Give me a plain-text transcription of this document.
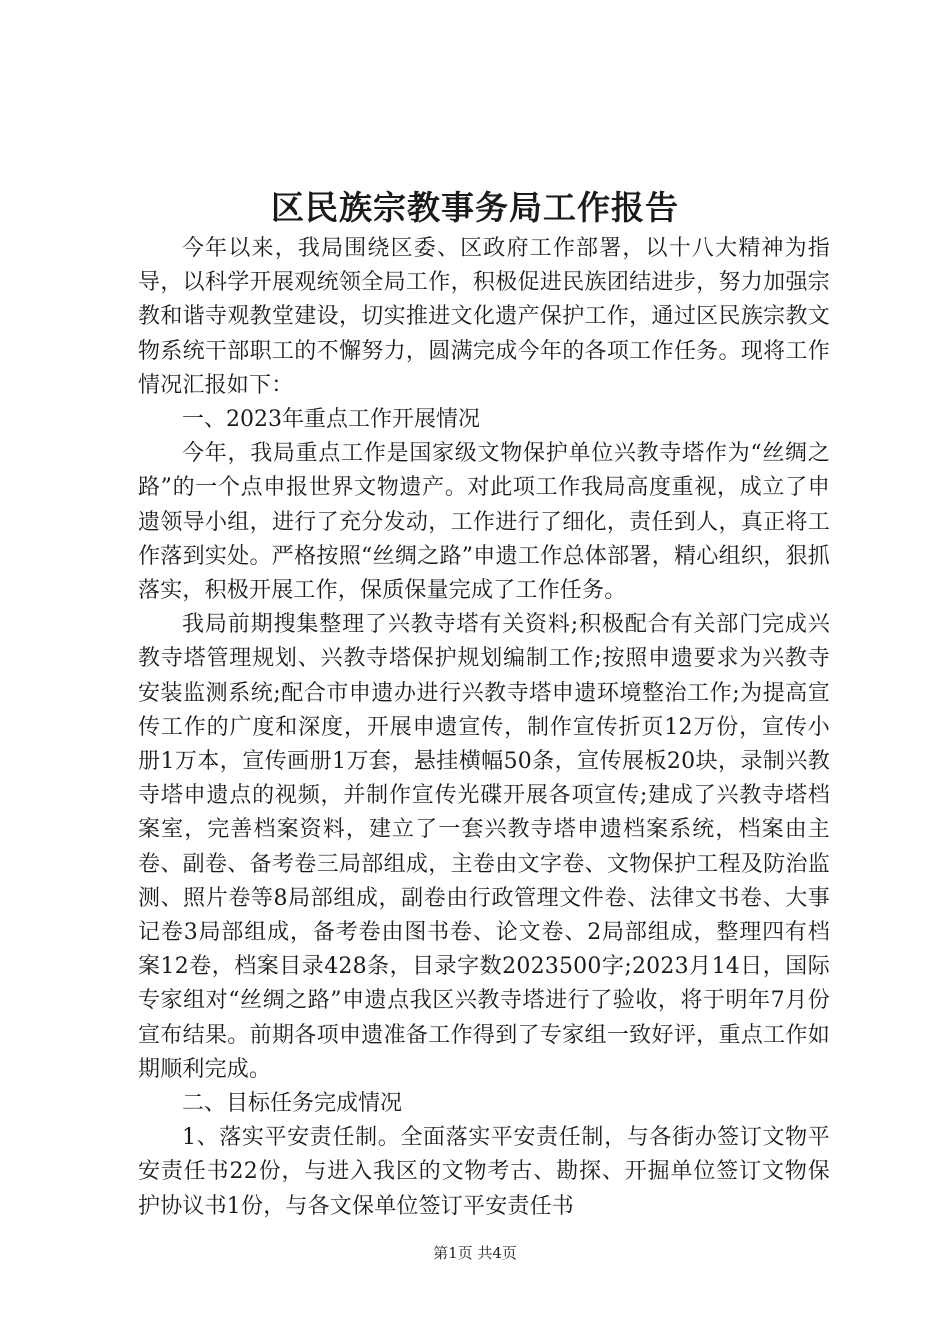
区民族宗教事务局工作报告

今年以来，我局围绕区委、区政府工作部署，以十八大精神为指导，以科学开展观统领全局工作，积极促进民族团结进步，努力加强宗教和谐寺观教堂建设，切实推进文化遗产保护工作，通过区民族宗教文物系统干部职工的不懈努力，圆满完成今年的各项工作任务。现将工作情况汇报如下：

一、2023年重点工作开展情况

今年，我局重点工作是国家级文物保护单位兴教寺塔作为“丝绸之路”的一个点申报世界文物遗产。对此项工作我局高度重视，成立了申遗领导小组，进行了充分发动，工作进行了细化，责任到人，真正将工作落到实处。严格按照“丝绸之路”申遗工作总体部署，精心组织，狠抓落实，积极开展工作，保质保量完成了工作任务。

我局前期搜集整理了兴教寺塔有关资料;积极配合有关部门完成兴教寺塔管理规划、兴教寺塔保护规划编制工作;按照申遗要求为兴教寺安装监测系统;配合市申遗办进行兴教寺塔申遗环境整治工作;为提高宣传工作的广度和深度，开展申遗宣传，制作宣传折页12万份，宣传小册1万本，宣传画册1万套，悬挂横幅50条，宣传展板20块，录制兴教寺塔申遗点的视频，并制作宣传光碟开展各项宣传;建成了兴教寺塔档案室，完善档案资料，建立了一套兴教寺塔申遗档案系统，档案由主卷、副卷、备考卷三局部组成，主卷由文字卷、文物保护工程及防治监测、照片卷等8局部组成，副卷由行政管理文件卷、法律文书卷、大事记卷3局部组成，备考卷由图书卷、论文卷、2局部组成，整理四有档案12卷，档案目录428条，目录字数2023500字;2023月14日，国际专家组对“丝绸之路”申遗点我区兴教寺塔进行了验收，将于明年7月份宣布结果。前期各项申遗准备工作得到了专家组一致好评，重点工作如期顺利完成。

二、目标任务完成情况

1、落实平安责任制。全面落实平安责任制，与各街办签订文物平安责任书22份，与进入我区的文物考古、勘探、开掘单位签订文物保护协议书1份，与各文保单位签订平安责任书

第1页 共4页
